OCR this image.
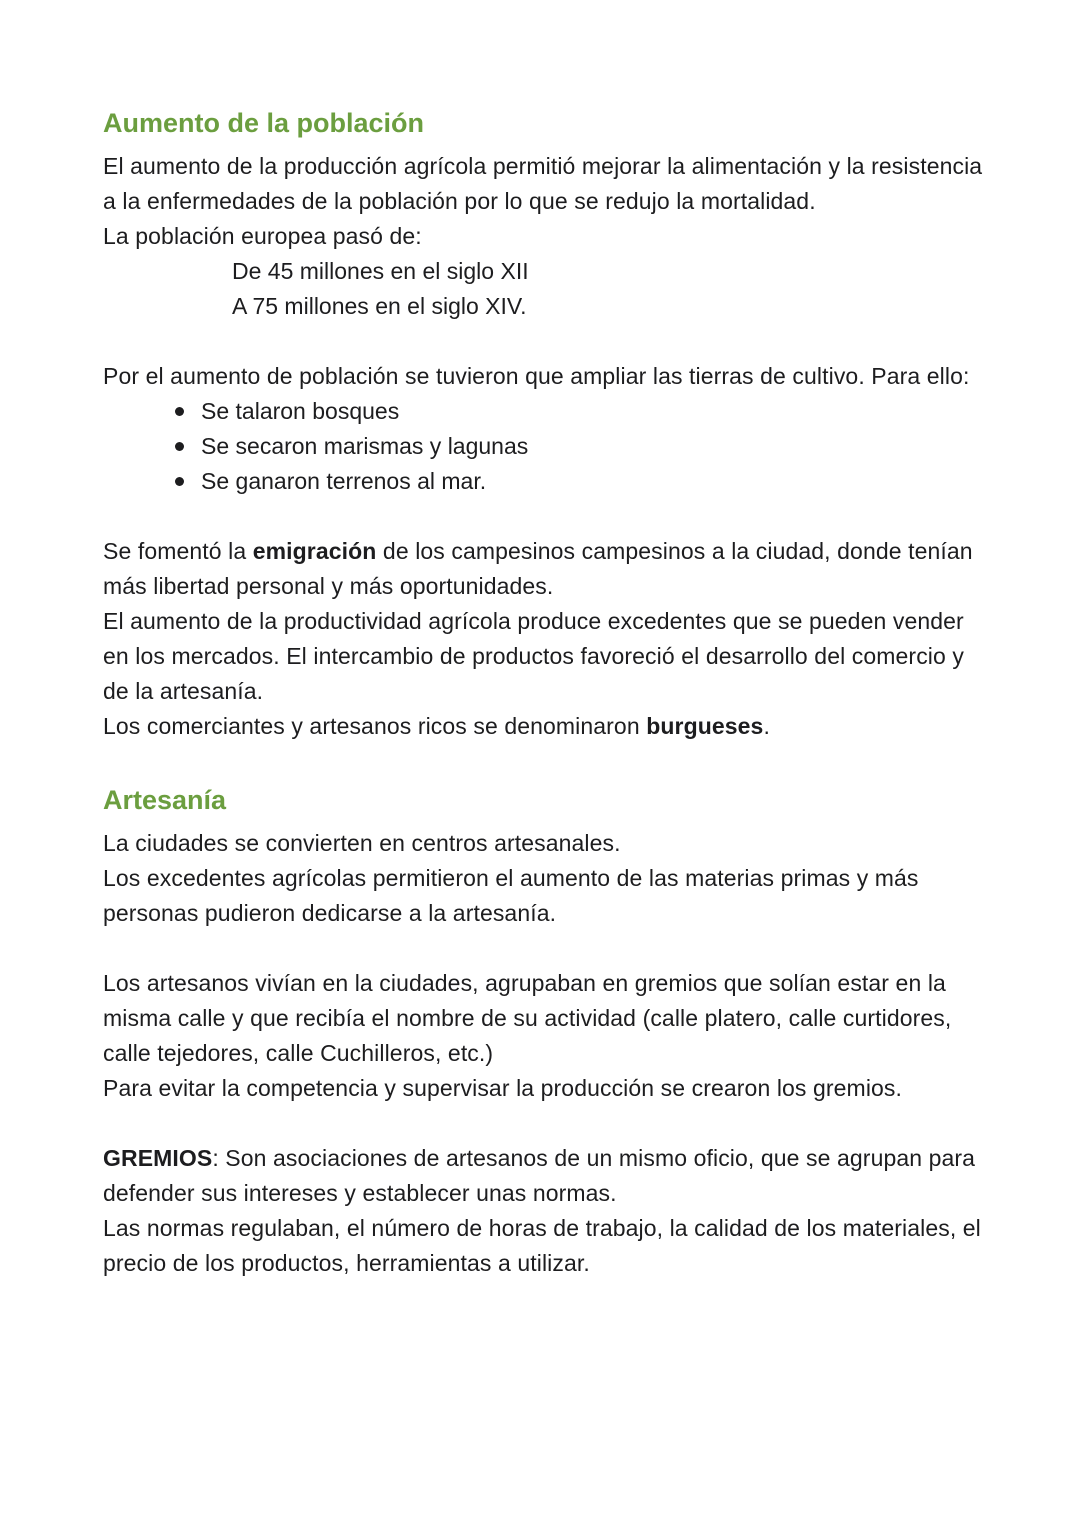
Aumento de la población

El aumento de la producción agrícola permitió mejorar la alimentación y la resistencia a la enfermedades de la población por lo que se redujo la mortalidad.

La población europea pasó de:

De 45 millones en el siglo XII

A 75 millones en el siglo XIV.

Por el aumento de población se tuvieron que ampliar las tierras de cultivo. Para ello:

Se talaron bosques
Se secaron marismas y lagunas
Se ganaron terrenos al mar.

Se fomentó la emigración de los campesinos campesinos a la ciudad, donde tenían más libertad personal y más oportunidades.

El aumento de la productividad agrícola produce excedentes que se pueden vender en los mercados. El intercambio de productos favoreció el desarrollo del comercio y de la artesanía.

Los comerciantes y artesanos ricos se denominaron burgueses.

Artesanía

La ciudades se convierten en centros artesanales.

Los excedentes agrícolas permitieron el aumento de las materias primas y más personas pudieron dedicarse a la artesanía.

Los artesanos vivían en la ciudades, agrupaban en gremios que solían estar en la misma calle y que recibía el nombre de su actividad (calle platero, calle curtidores, calle tejedores, calle Cuchilleros, etc.)

Para evitar la competencia y supervisar la producción se crearon los gremios.

GREMIOS: Son asociaciones de artesanos de un mismo oficio, que se agrupan para defender sus intereses y establecer unas normas.

Las normas regulaban, el número de horas de trabajo, la calidad de los materiales, el precio de los productos, herramientas a utilizar.
